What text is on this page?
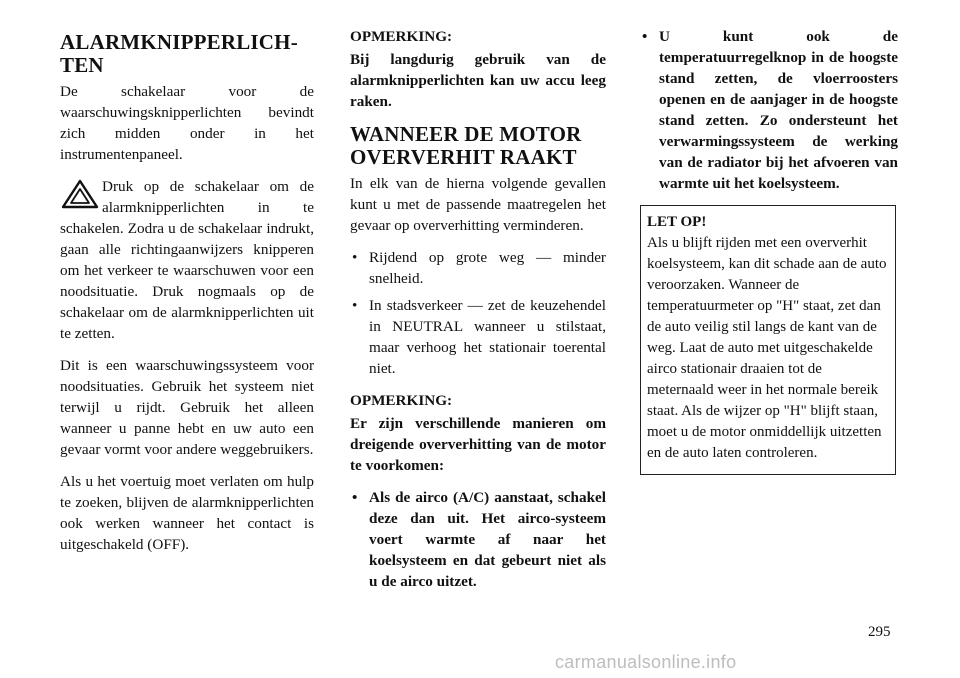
ALARMKNIPPERLICH-
TEN

De schakelaar voor de waarschuwingsknipperlichten bevindt zich midden onder in het instrumentenpaneel.

Druk op de schakelaar om de alarmknipperlichten in te schakelen. Zodra u de schakelaar indrukt, gaan alle richtingaanwijzers knipperen om het verkeer te waarschuwen voor een noodsituatie. Druk nogmaals op de schakelaar om de alarmknipperlichten uit te zetten.

Dit is een waarschuwingssysteem voor noodsituaties. Gebruik het systeem niet terwijl u rijdt. Gebruik het alleen wanneer u panne hebt en uw auto een gevaar vormt voor andere weggebruikers.

Als u het voertuig moet verlaten om hulp te zoeken, blijven de alarmknipperlichten ook werken wanneer het contact is uitgeschakeld (OFF).

OPMERKING:

Bij langdurig gebruik van de alarmknipperlichten kan uw accu leeg raken.

WANNEER DE MOTOR
OVERVERHIT RAAKT

In elk van de hierna volgende gevallen kunt u met de passende maatregelen het gevaar op oververhitting verminderen.

• Rijdend op grote weg — minder snelheid.
• In stadsverkeer — zet de keuzehendel in NEUTRAL wanneer u stilstaat, maar verhoog het stationair toerental niet.
OPMERKING:

Er zijn verschillende manieren om dreigende oververhitting van de motor te voorkomen:

• Als de airco (A/C) aanstaat, schakel deze dan uit. Het airco-systeem voert warmte af naar het koelsysteem en dat gebeurt niet als u de airco uitzet.
• U kunt ook de temperatuurregelknop in de hoogste stand zetten, de vloerroosters openen en de aanjager in de hoogste stand zetten. Zo ondersteunt het verwarmingssysteem de werking van de radiator bij het afvoeren van warmte uit het koelsysteem.
LET OP!

Als u blijft rijden met een oververhit koelsysteem, kan dit schade aan de auto veroorzaken. Wanneer de temperatuurmeter op "H" staat, zet dan de auto veilig stil langs de kant van de weg. Laat de auto met uitgeschakelde airco stationair draaien tot de meternaald weer in het normale bereik staat. Als de wijzer op "H" blijft staan, moet u de motor onmiddellijk uitzetten en de auto laten controleren.

295
carmanualsonline.info
